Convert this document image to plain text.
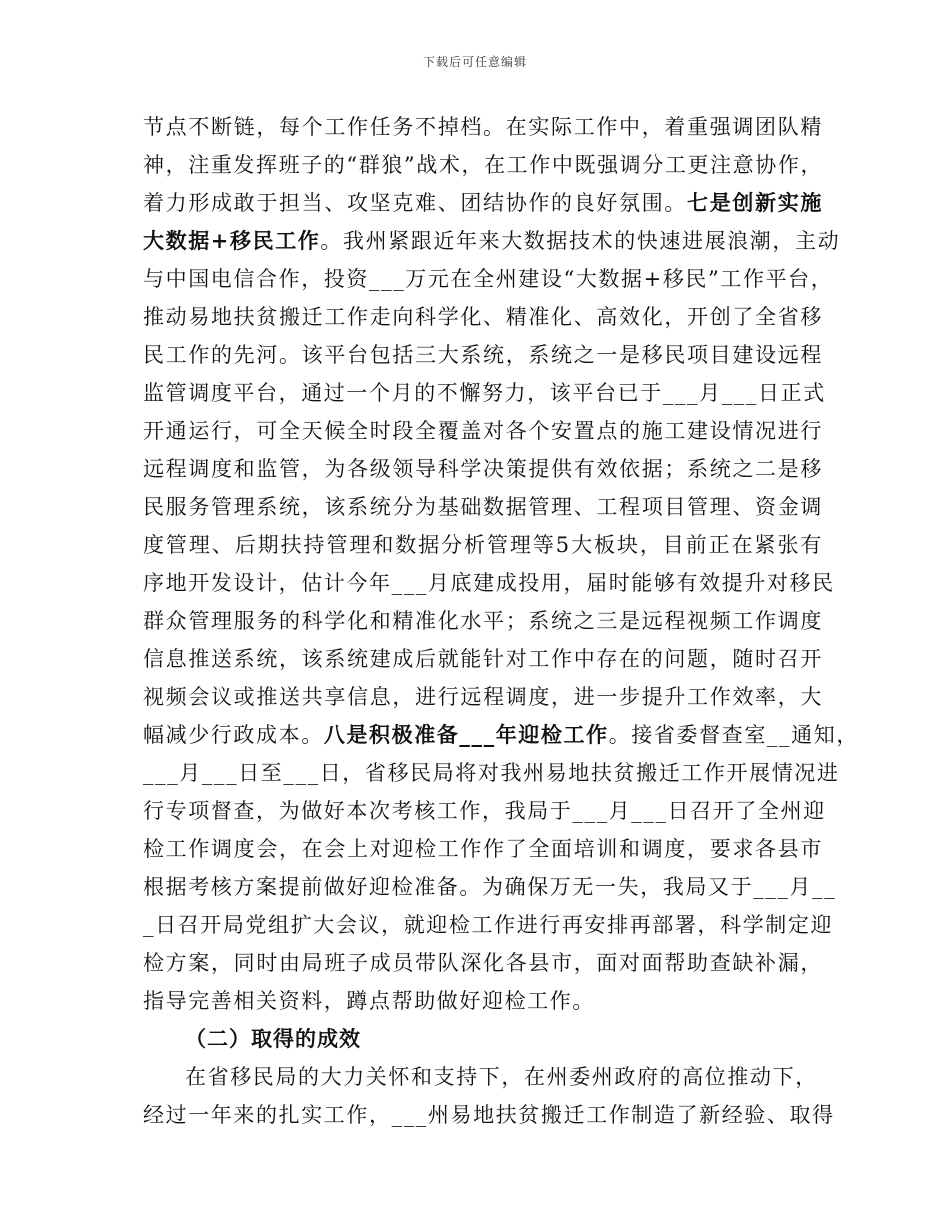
下载后可任意编辑
节点不断链，每个工作任务不掉档。在实际工作中，着重强调团队精
神，注重发挥班子的“群狼”战术，在工作中既强调分工更注意协作，
着力形成敢于担当、攻坚克难、团结协作的良好氛围。七是创新实施
大数据+移民工作。我州紧跟近年来大数据技术的快速进展浪潮，主动
与中国电信合作，投资___万元在全州建设“大数据+移民”工作平台，
推动易地扶贫搬迁工作走向科学化、精准化、高效化，开创了全省移
民工作的先河。该平台包括三大系统，系统之一是移民项目建设远程
监管调度平台，通过一个月的不懈努力，该平台已于___月___日正式
开通运行，可全天候全时段全覆盖对各个安置点的施工建设情况进行
远程调度和监管，为各级领导科学决策提供有效依据；系统之二是移
民服务管理系统，该系统分为基础数据管理、工程项目管理、资金调
度管理、后期扶持管理和数据分析管理等5大板块，目前正在紧张有
序地开发设计，估计今年___月底建成投用，届时能够有效提升对移民
群众管理服务的科学化和精准化水平；系统之三是远程视频工作调度
信息推送系统，该系统建成后就能针对工作中存在的问题，随时召开
视频会议或推送共享信息，进行远程调度，进一步提升工作效率，大
幅减少行政成本。八是积极准备___年迎检工作。接省委督查室__通知，
___月___日至___日，省移民局将对我州易地扶贫搬迁工作开展情况进
行专项督查，为做好本次考核工作，我局于___月___日召开了全州迎
检工作调度会，在会上对迎检工作作了全面培训和调度，要求各县市
根据考核方案提前做好迎检准备。为确保万无一失，我局又于___月__
_日召开局党组扩大会议，就迎检工作进行再安排再部署，科学制定迎
检方案，同时由局班子成员带队深化各县市，面对面帮助查缺补漏，
指导完善相关资料，蹲点帮助做好迎检工作。
（二）取得的成效
在省移民局的大力关怀和支持下，在州委州政府的高位推动下，
经过一年来的扎实工作，___州易地扶贫搬迁工作制造了新经验、取得
